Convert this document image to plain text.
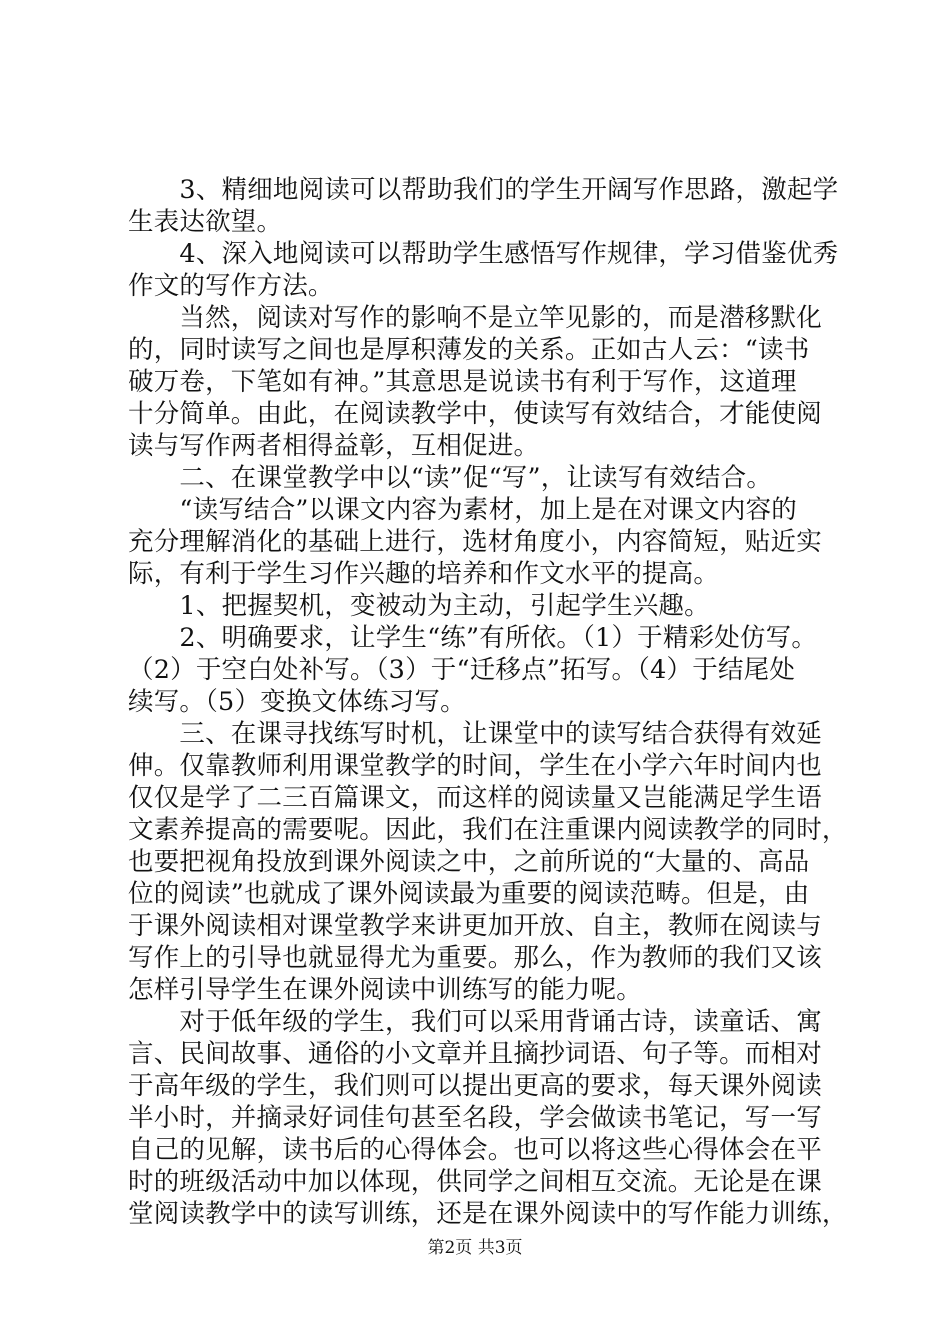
　　3、精细地阅读可以帮助我们的学生开阔写作思路，激起学
生表达欲望。
　　4、深入地阅读可以帮助学生感悟写作规律，学习借鉴优秀
作文的写作方法。
　　当然，阅读对写作的影响不是立竿见影的，而是潜移默化
的，同时读写之间也是厚积薄发的关系。正如古人云：“读书
破万卷，下笔如有神。”其意思是说读书有利于写作，这道理
十分简单。由此，在阅读教学中，使读写有效结合，才能使阅
读与写作两者相得益彰，互相促进。
　　二、在课堂教学中以“读”促“写”，让读写有效结合。
　　“读写结合”以课文内容为素材，加上是在对课文内容的
充分理解消化的基础上进行，选材角度小，内容简短，贴近实
际，有利于学生习作兴趣的培养和作文水平的提高。
　　1、把握契机，变被动为主动，引起学生兴趣。
　　2、明确要求，让学生“练”有所依。（1）于精彩处仿写。
（2）于空白处补写。（3）于“迁移点”拓写。（4）于结尾处
续写。（5）变换文体练习写。
　　三、在课寻找练写时机，让课堂中的读写结合获得有效延
伸。仅靠教师利用课堂教学的时间，学生在小学六年时间内也
仅仅是学了二三百篇课文，而这样的阅读量又岂能满足学生语
文素养提高的需要呢。因此，我们在注重课内阅读教学的同时，
也要把视角投放到课外阅读之中，之前所说的“大量的、高品
位的阅读”也就成了课外阅读最为重要的阅读范畴。但是，由
于课外阅读相对课堂教学来讲更加开放、自主，教师在阅读与
写作上的引导也就显得尤为重要。那么，作为教师的我们又该
怎样引导学生在课外阅读中训练写的能力呢。
　　对于低年级的学生，我们可以采用背诵古诗，读童话、寓
言、民间故事、通俗的小文章并且摘抄词语、句子等。而相对
于高年级的学生，我们则可以提出更高的要求，每天课外阅读
半小时，并摘录好词佳句甚至名段，学会做读书笔记，写一写
自己的见解，读书后的心得体会。也可以将这些心得体会在平
时的班级活动中加以体现，供同学之间相互交流。无论是在课
堂阅读教学中的读写训练，还是在课外阅读中的写作能力训练，
第2页 共3页
